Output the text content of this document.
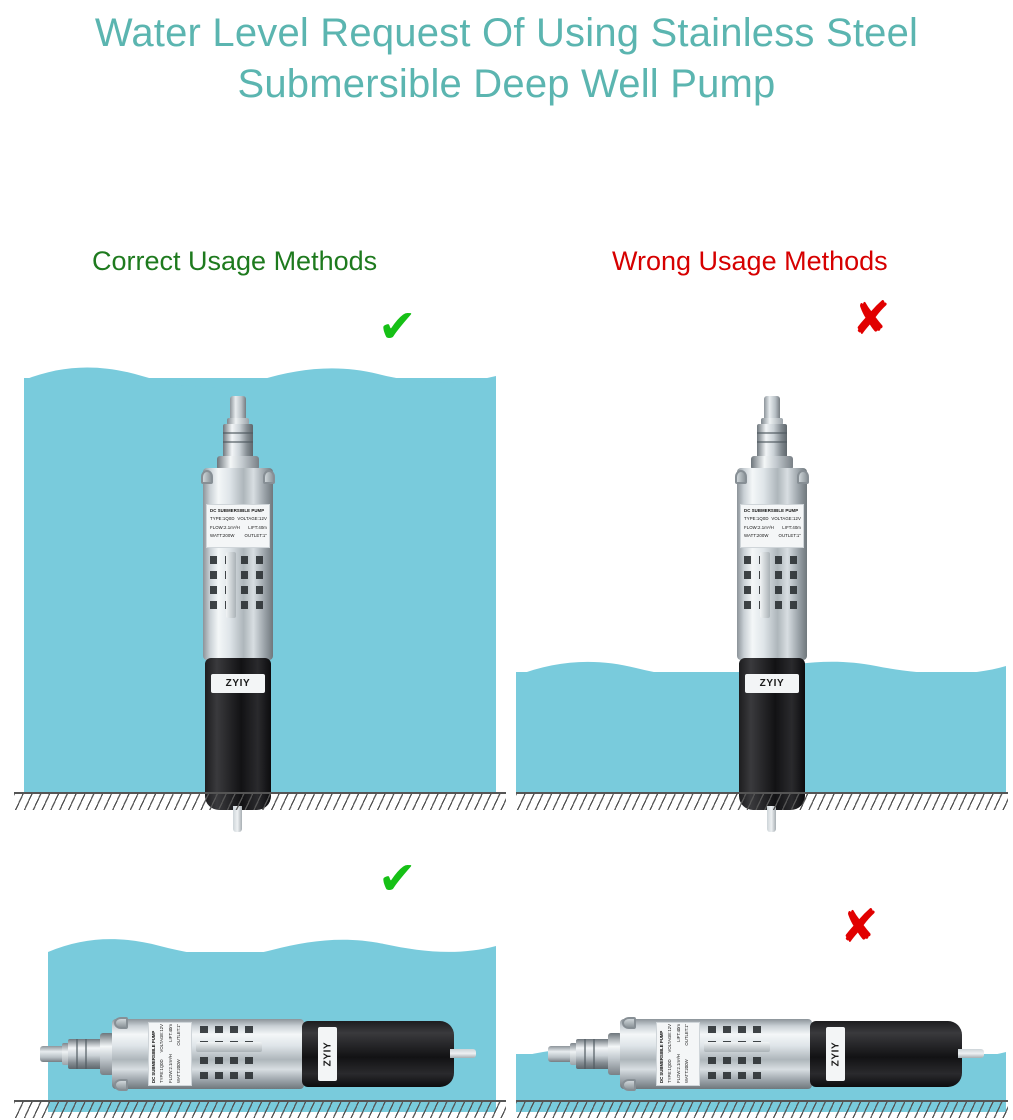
Water Level Request Of Using Stainless Steel
Submersible Deep Well Pump
Correct Usage Methods	Wrong Usage Methods
✔	✘
✔
✘
DC SUBMERSIBLE PUMP
TYPE:1Q0D VOLTAGE:12V
FLOW:2.1m³/H LIFT:40m
WATT:200W OUTLET:1"
ZYIY
DC SUBMERSIBLE PUMP
TYPE:1Q0D VOLTAGE:12V
FLOW:2.1m³/H LIFT:40m
WATT:200W OUTLET:1"
ZYIY
DC SUBMERSIBLE PUMP TYPE:1Q0D
VOLTAGE:12V
FLOW:2.1m³/H
LIFT:40m
WATT:200W
OUTLET:1"
ZYIY	DC SUBMERSIBLE PUMP TYPE:1Q0D
VOLTAGE:12V
FLOW:2.1m³/H
LIFT:40m
WATT:200W
OUTLET:1"
ZYIY
